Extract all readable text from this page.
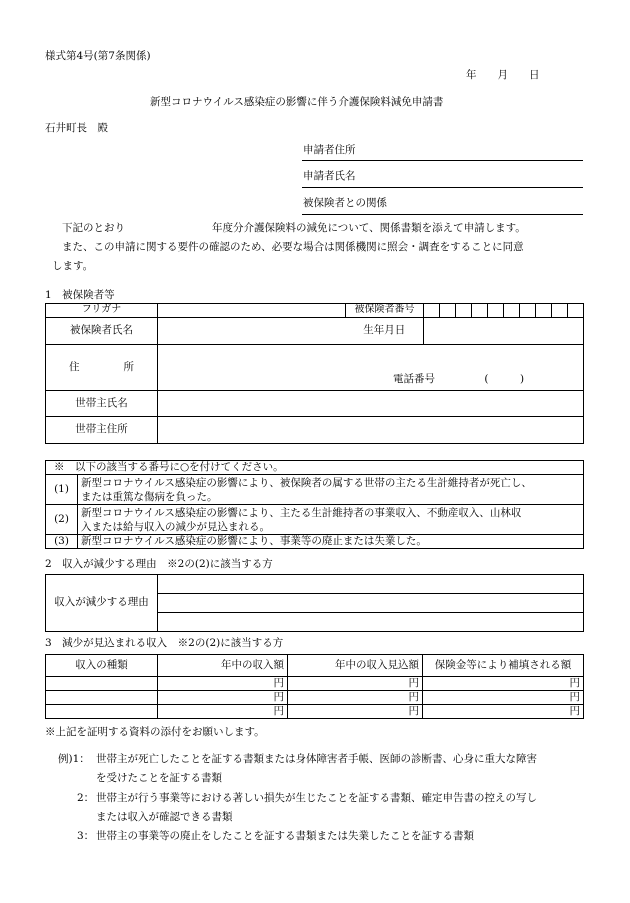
様式第4号(第7条関係)
年　　月　　日
新型コロナウイルス感染症の影響に伴う介護保険料減免申請書
石井町長　殿
申請者住所
申請者氏名
被保険者との関係
下記のとおり	年度分介護保険料の減免について、関係書類を添えて申請します。
また、この申請に関する要件の確認のため、必要な場合は関係機関に照会・調査をすることに同意
します。
1　被保険者等
フリガナ		被保険者番号										
被保険者氏名		生年月日										
住 所	電話番号 (　　　)											
世帯主氏名												
世帯主住所												
※　以下の該当する番号に○を付けてください。	
(1)	新型コロナウイルス感染症の影響により、被保険者の属する世帯の主たる生計維持者が死亡し、
または重篤な傷病を負った。
(2)	新型コロナウイルス感染症の影響により、主たる生計維持者の事業収入、不動産収入、山林収
入または給与収入の減少が見込まれる。
(3)	新型コロナウイルス感染症の影響により、事業等の廃止または失業した。
2　収入が減少する理由　※2の(2)に該当する方
収入が減少する理由	

3　減少が見込まれる収入　※2の(2)に該当する方
収入の種類	年中の収入額	年中の収入見込額	保険金等により補填される額
	円	円	円
	円	円	円
	円	円	円
※上記を証明する資料の添付をお願いします。
例)1： 世帯主が死亡したことを証する書類または身体障害者手帳、医師の診断書、心身に重大な障害
を受けたことを証する書類
2： 世帯主が行う事業等における著しい損失が生じたことを証する書類、確定申告書の控えの写し
または収入が確認できる書類
3： 世帯主の事業等の廃止をしたことを証する書類または失業したことを証する書類
